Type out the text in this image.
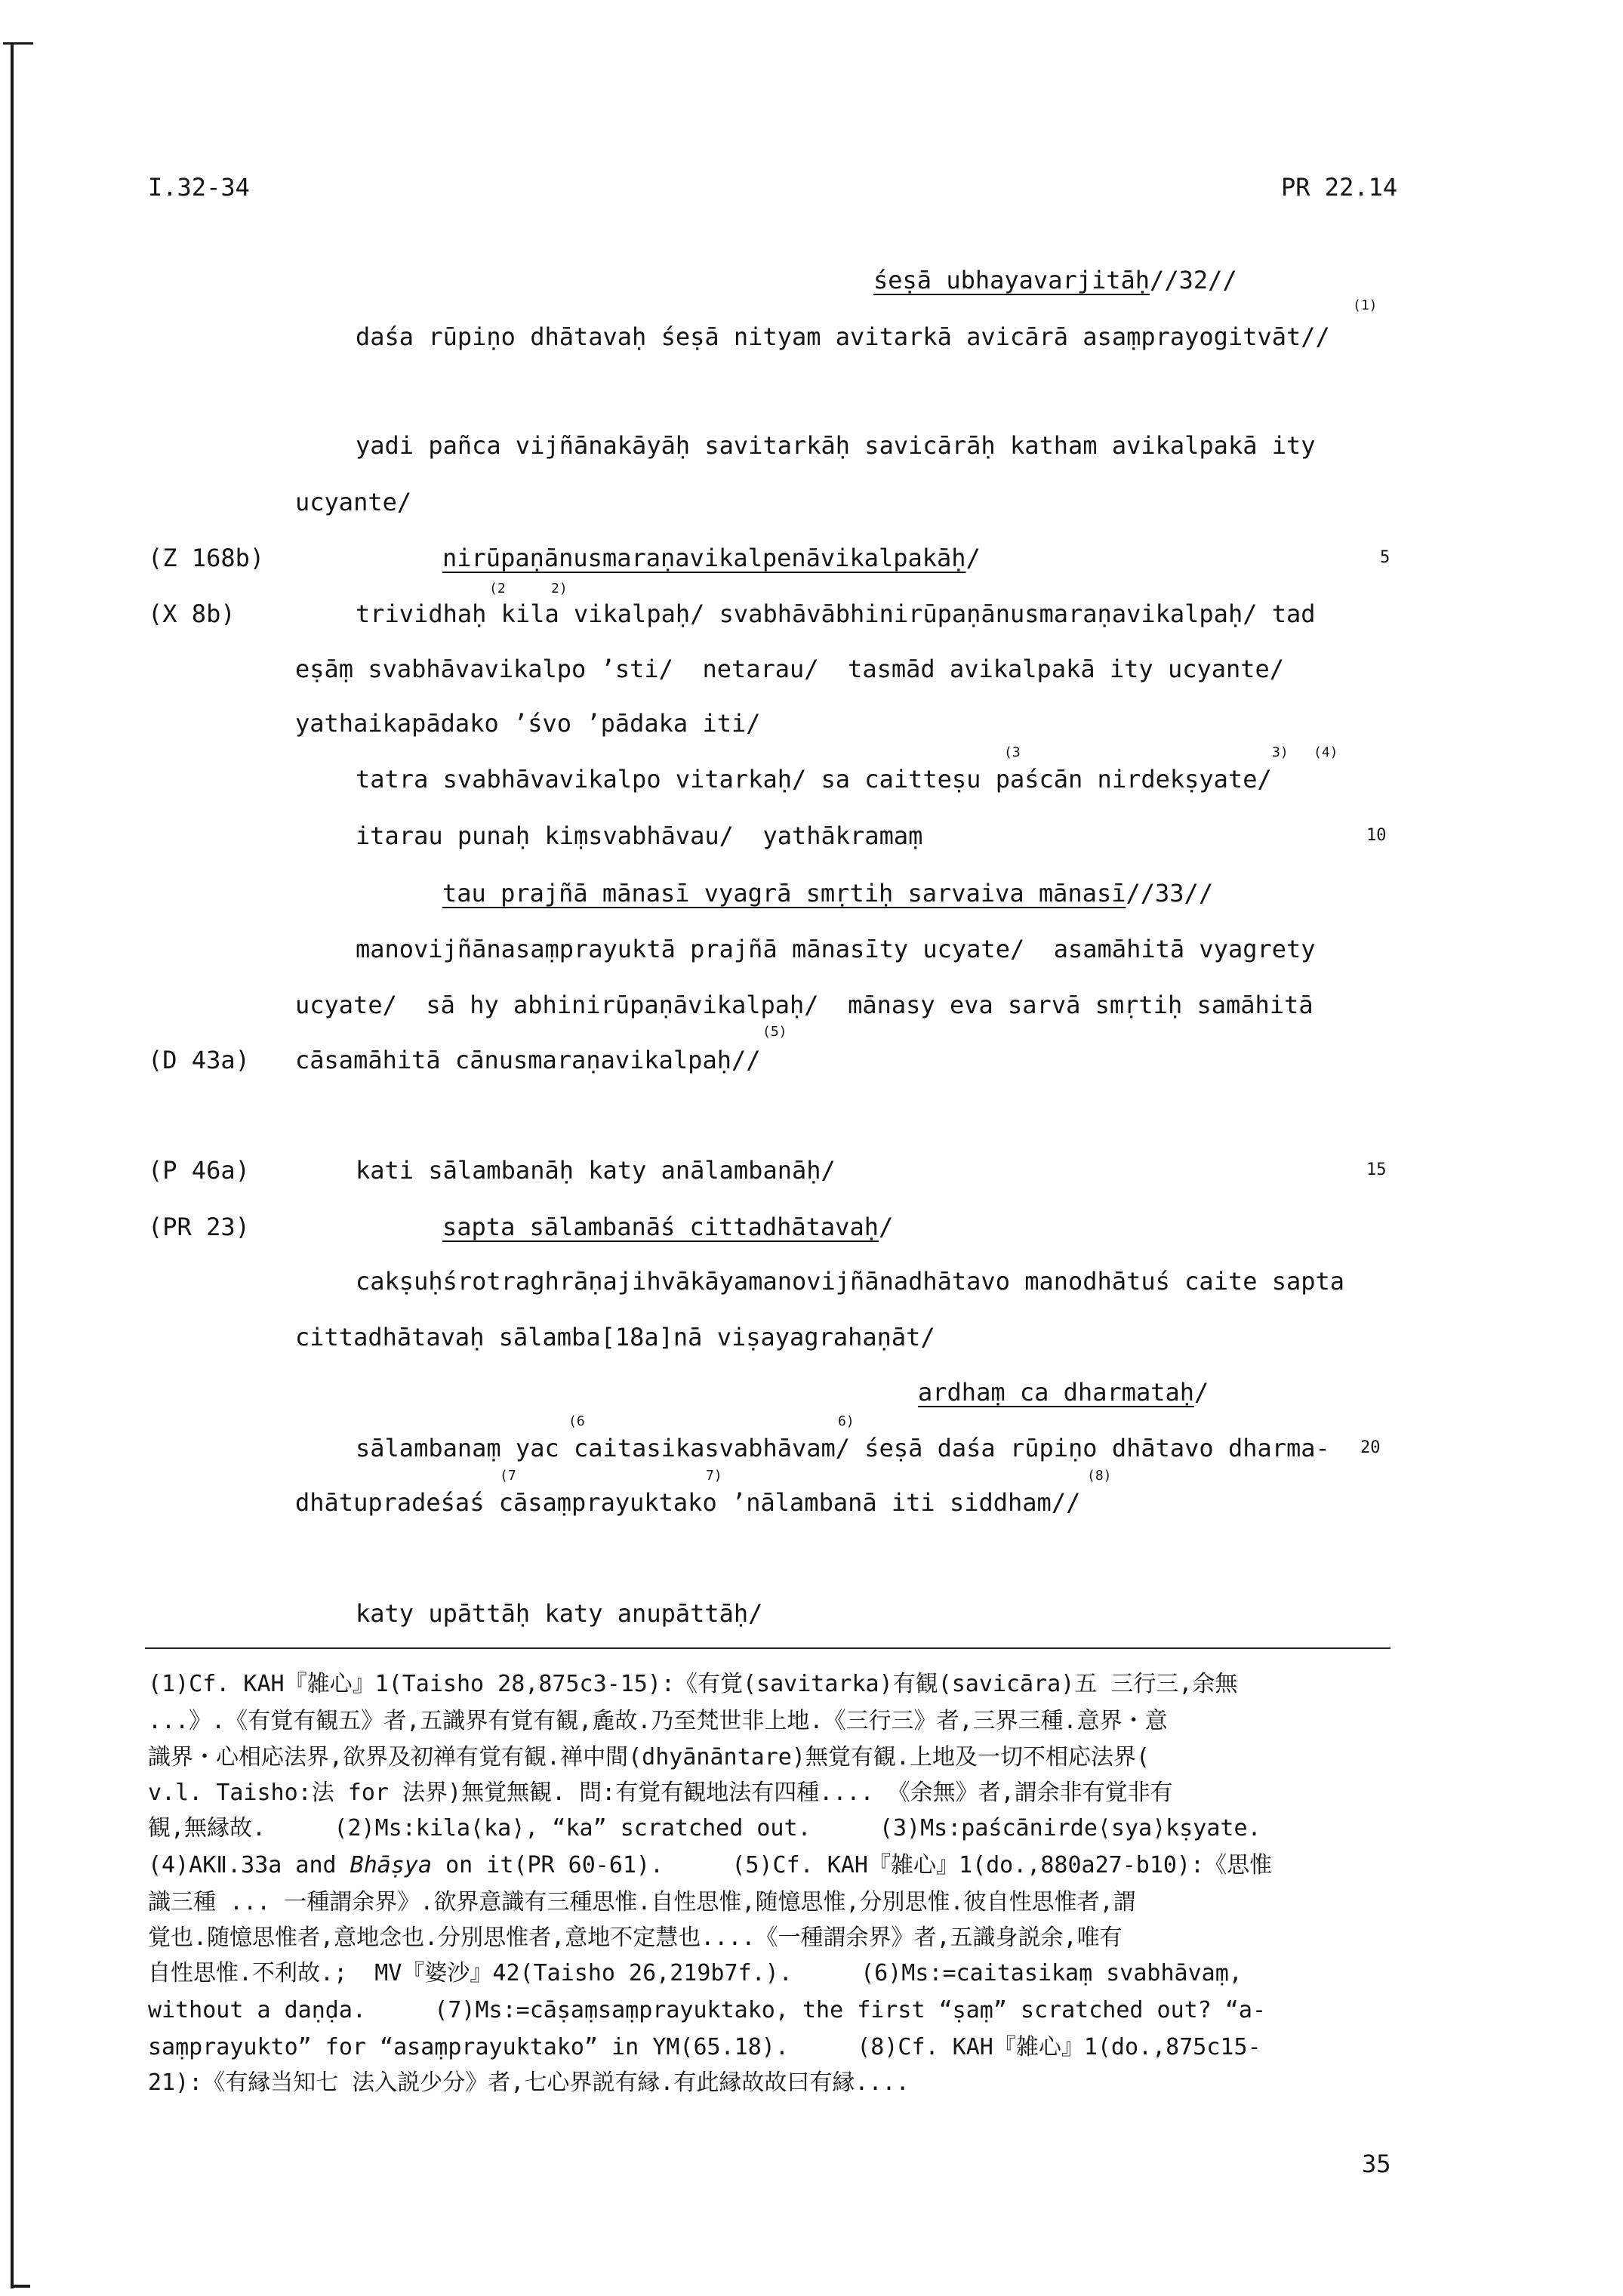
I.32-34	PR 22.14
śeṣā ubhayavarjitāḥ//32//
(1)
daśa rūpiṇo dhātavaḥ śeṣā nityam avitarkā avicārā asaṃprayogitvāt//
yadi pañca vijñānakāyāḥ savitarkāḥ savicārāḥ katham avikalpakā ity
ucyante/
(Z 168b)	nirūpaṇānusmaraṇavikalpenāvikalpakāḥ/	5
(2	2)
(X 8b)	trividhaḥ kila vikalpaḥ/ svabhāvābhinirūpaṇānusmaraṇavikalpaḥ/ tad
eṣāṃ svabhāvavikalpo ’sti/  netarau/  tasmād avikalpakā ity ucyante/
yathaikapādako ’śvo ’pādaka iti/
(3	3) (4)
tatra svabhāvavikalpo vitarkaḥ/ sa caitteṣu paścān nirdekṣyate/
itarau punaḥ kiṃsvabhāvau/  yathākramaṃ	10
tau prajñā mānasī vyagrā smṛtiḥ sarvaiva mānasī//33//
manovijñānasaṃprayuktā prajñā mānasīty ucyate/  asamāhitā vyagrety
ucyate/  sā hy abhinirūpaṇāvikalpaḥ/  mānasy eva sarvā smṛtiḥ samāhitā
(5)
(D 43a) cāsamāhitā cānusmaraṇavikalpaḥ//
(P 46a)	kati sālambanāḥ katy anālambanāḥ/	15
(PR 23)	sapta sālambanāś cittadhātavaḥ/
cakṣuḥśrotraghrāṇajihvākāyamanovijñānadhātavo manodhātuś caite sapta
cittadhātavaḥ sālamba[18a]nā viṣayagrahaṇāt/
ardhaṃ ca dharmataḥ/
(6	6)
sālambanaṃ yac caitasikasvabhāvam/ śeṣā daśa rūpiṇo dhātavo dharma- 20
(7	7)	(8)
dhātupradeśaś cāsaṃprayuktako ’nālambanā iti siddham//
katy upāttāḥ katy anupāttāḥ/
(1)Cf. KAH『雑心』1(Taisho 28,875c3-15):《有覚(savitarka)有観(savicāra)五 三行三,余無
...》.《有覚有観五》者,五識界有覚有観,麁故.乃至梵世非上地.《三行三》者,三界三種.意界・意
識界・心相応法界,欲界及初禅有覚有観.禅中間(dhyānāntare)無覚有観.上地及一切不相応法界(
v.l. Taisho:法 for 法界)無覚無観. 問:有覚有観地法有四種.... 《余無》者,謂余非有覚非有
観,無縁故.     (2)Ms:kila⟨ka⟩, “ka” scratched out.     (3)Ms:paścānirde⟨sya⟩kṣyate.
(4)AKⅡ.33a and Bhāṣya on it(PR 60-61).     (5)Cf. KAH『雑心』1(do.,880a27-b10):《思惟
識三種 ... 一種謂余界》.欲界意識有三種思惟.自性思惟,随憶思惟,分別思惟.彼自性思惟者,謂
覚也.随憶思惟者,意地念也.分別思惟者,意地不定慧也....《一種謂余界》者,五識身説余,唯有
自性思惟.不利故.;  MV『婆沙』42(Taisho 26,219b7f.).     (6)Ms:=caitasikaṃ svabhāvaṃ,
without a daṇḍa.     (7)Ms:=cāṣaṃsaṃprayuktako, the first “ṣaṃ” scratched out? “a-
saṃprayukto” for “asaṃprayuktako” in YM(65.18).     (8)Cf. KAH『雑心』1(do.,875c15-
21):《有縁当知七 法入説少分》者,七心界説有縁.有此縁故故曰有縁....
35
